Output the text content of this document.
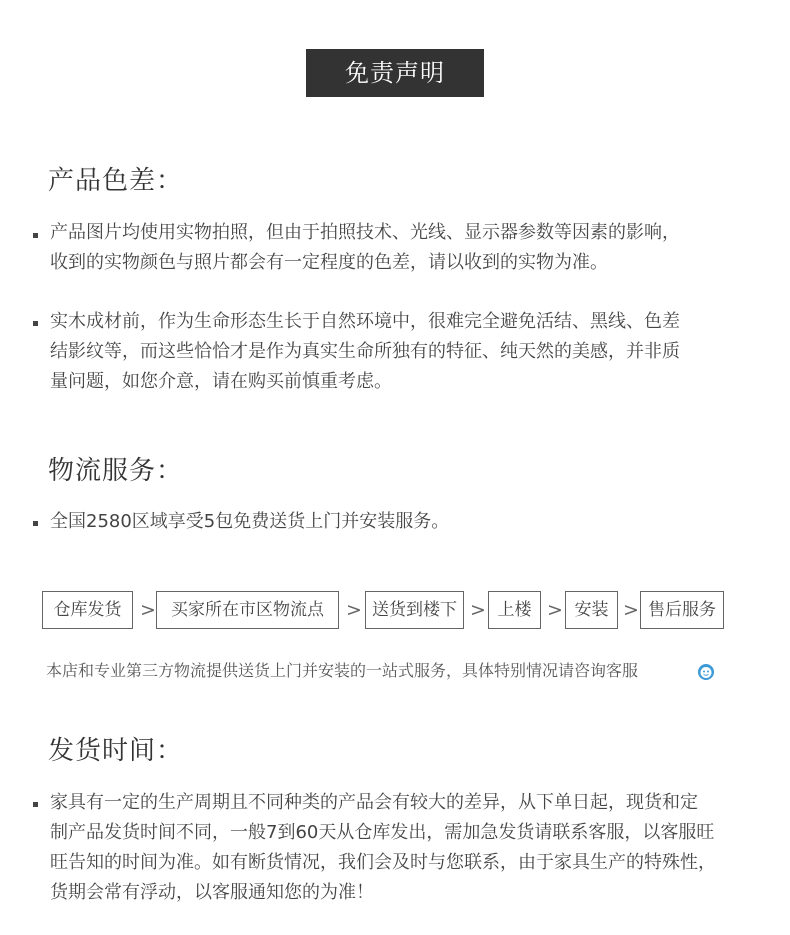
免责声明
产品色差：

产品图片均使用实物拍照，但由于拍照技术、光线、显示器参数等因素的影响，
收到的实物颜色与照片都会有一定程度的色差，请以收到的实物为准。

实木成材前，作为生命形态生长于自然环境中，很难完全避免活结、黑线、色差
结影纹等，而这些恰恰才是作为真实生命所独有的特征、纯天然的美感，并非质
量问题，如您介意，请在购买前慎重考虑。

物流服务：

全国2580区域享受5包免费送货上门并安装服务。

仓库发货 > 买家所在市区物流点	> 送货到楼下 > 上楼 > 安装 > 售后服务
本店和专业第三方物流提供送货上门并安装的一站式服务，具体特别情况请咨询客服
发货时间：

家具有一定的生产周期且不同种类的产品会有较大的差异，从下单日起，现货和定
制产品发货时间不同，一般7到60天从仓库发出，需加急发货请联系客服，以客服旺
旺告知的时间为准。如有断货情况，我们会及时与您联系，由于家具生产的特殊性，
货期会常有浮动，以客服通知您的为准！
